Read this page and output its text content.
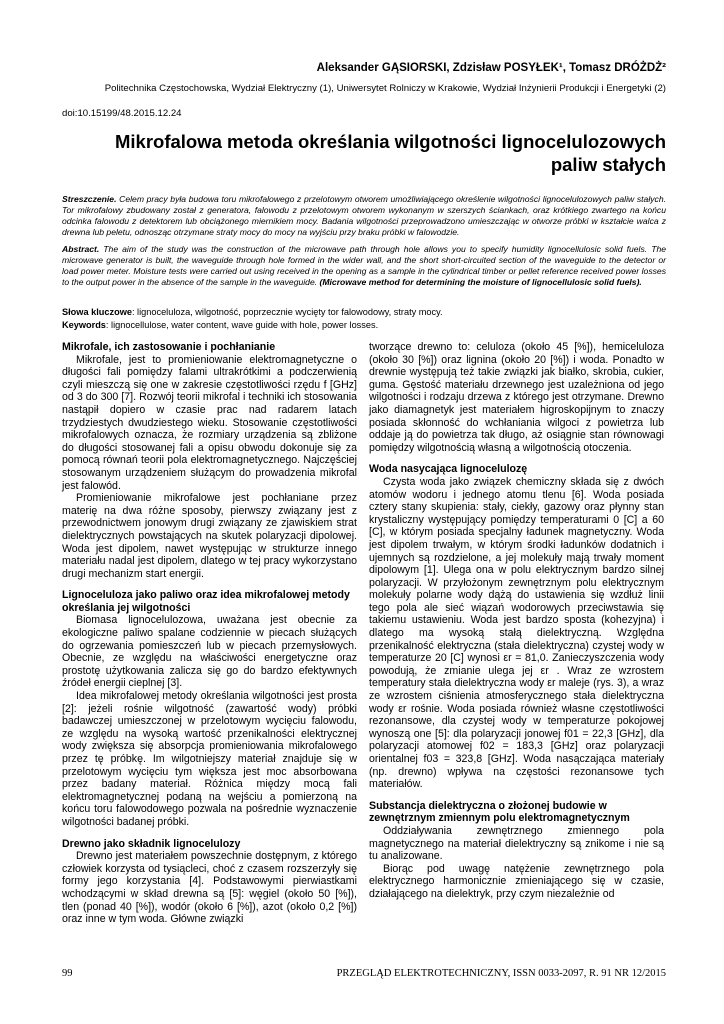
Aleksander GĄSIORSKI, Zdzisław POSYŁEK¹, Tomasz DRÓŻDŻ²
Politechnika Częstochowska, Wydział Elektryczny (1), Uniwersytet Rolniczy w Krakowie, Wydział Inżynierii Produkcji i Energetyki (2)
doi:10.15199/48.2015.12.24
Mikrofalowa metoda określania wilgotności lignocelulozowych
paliw stałych
Streszczenie. Celem pracy była budowa toru mikrofalowego z przelotowym otworem umożliwiającego określenie wilgotności lignocelulozowych paliw stałych. Tor mikrofalowy zbudowany został z generatora, falowodu z przelotowym otworem wykonanym w szerszych ściankach, oraz krótkiego zwartego na końcu odcinka falowodu z detektorem lub obciążonego miernikiem mocy. Badania wilgotności przeprowadzono umieszczając w otworze próbki w kształcie walca z drewna lub peletu, odnosząc otrzymane straty mocy do mocy na wyjściu przy braku próbki w falowodzie.
Abstract. The aim of the study was the construction of the microwave path through hole allows you to specify humidity lignocellulosic solid fuels. The microwave generator is built, the waveguide through hole formed in the wider wall, and the short short-circuited section of the waveguide to the detector or load power meter. Moisture tests were carried out using received in the opening as a sample in the cylindrical timber or pellet reference received power losses to the output power in the absence of the sample in the waveguide. (Microwave method for determining the moisture of lignocellulosic solid fuels).
Słowa kluczowe: lignoceluloza, wilgotność, poprzecznie wycięty tor falowodowy, straty mocy.
Keywords: lignocellulose, water content, wave guide with hole, power losses.
Mikrofale, ich zastosowanie i pochłanianie

Mikrofale, jest to promieniowanie elektromagnetyczne o długości fali pomiędzy falami ultrakrótkimi a podczerwienią czyli mieszczą się one w zakresie częstotliwości rzędu f [GHz] od 3 do 300 [7]. Rozwój teorii mikrofal i techniki ich stosowania nastąpił dopiero w czasie prac nad radarem latach trzydziestych dwudziestego wieku. Stosowanie częstotliwości mikrofalowych oznacza, że rozmiary urządzenia są zbliżone do długości stosowanej fali a opisu obwodu dokonuje się za pomocą równań teorii pola elektromagnetycznego. Najczęściej stosowanym urządzeniem służącym do prowadzenia mikrofal jest falowód.

Promieniowanie mikrofalowe jest pochłaniane przez materię na dwa różne sposoby, pierwszy związany jest z przewodnictwem jonowym drugi związany ze zjawiskiem strat dielektrycznych powstających na skutek polaryzacji dipolowej. Woda jest dipolem, nawet występując w strukturze innego materiału nadal jest dipolem, dlatego w tej pracy wykorzystano drugi mechanizm start energii.

Lignoceluloza jako paliwo oraz idea mikrofalowej metody określania jej wilgotności

Biomasa lignocelulozowa, uważana jest obecnie za ekologiczne paliwo spalane codziennie w piecach służących do ogrzewania pomieszczeń lub w piecach przemysłowych. Obecnie, ze względu na właściwości energetyczne oraz prostotę użytkowania zalicza się go do bardzo efektywnych źródeł energii cieplnej [3].

Idea mikrofalowej metody określania wilgotności jest prosta [2]: jeżeli rośnie wilgotność (zawartość wody) próbki badawczej umieszczonej w przelotowym wycięciu falowodu, ze względu na wysoką wartość przenikalności elektrycznej wody zwiększa się absorpcja promieniowania mikrofalowego przez tę próbkę. Im wilgotniejszy materiał znajduje się w przelotowym wycięciu tym większa jest moc absorbowana przez badany materiał. Różnica między mocą fali elektromagnetycznej podaną na wejściu a pomierzoną na końcu toru falowodowego pozwala na pośrednie wyznaczenie wilgotności badanej próbki.

Drewno jako składnik lignocelulozy

Drewno jest materiałem powszechnie dostępnym, z którego człowiek korzysta od tysiącleci, choć z czasem rozszerzyły się formy jego korzystania [4]. Podstawowymi pierwiastkami wchodzącymi w skład drewna są [5]: węgiel (około 50 [%]), tlen (ponad 40 [%]), wodór (około 6 [%]), azot (około 0,2 [%]) oraz inne w tym woda. Główne związki

tworzące drewno to: celuloza (około 45 [%]), hemiceluloza (około 30 [%]) oraz lignina (około 20 [%]) i woda. Ponadto w drewnie występują też takie związki jak białko, skrobia, cukier, guma. Gęstość materiału drzewnego jest uzależniona od jego wilgotności i rodzaju drzewa z którego jest otrzymane. Drewno jako diamagnetyk jest materiałem higroskopijnym to znaczy posiada skłonność do wchłaniania wilgoci z powietrza lub oddaje ją do powietrza tak długo, aż osiągnie stan równowagi pomiędzy wilgotnością własną a wilgotnością otoczenia.

Woda nasycająca lignocelulozę

Czysta woda jako związek chemiczny składa się z dwóch atomów wodoru i jednego atomu tlenu [6]. Woda posiada cztery stany skupienia: stały, ciekły, gazowy oraz płynny stan krystaliczny występujący pomiędzy temperaturami 0 [C] a 60 [C], w którym posiada specjalny ładunek magnetyczny. Woda jest dipolem trwałym, w którym środki ładunków dodatnich i ujemnych są rozdzielone, a jej molekuły mają trwały moment dipolowym [1]. Ulega ona w polu elektrycznym bardzo silnej polaryzacji. W przyłożonym zewnętrznym polu elektrycznym molekuły polarne wody dążą do ustawienia się wzdłuż linii tego pola ale sieć wiązań wodorowych przeciwstawia się takiemu ustawieniu. Woda jest bardzo sposta (kohezyjna) i dlatego ma wysoką stałą dielektryczną. Względna przenikalność elektryczna (stała dielektryczna) czystej wody w temperaturze 20 [C] wynosi εr = 81,0. Zanieczyszczenia wody powodują, że zmianie ulega jej εr . Wraz ze wzrostem temperatury stała dielektryczna wody εr maleje (rys. 3), a wraz ze wzrostem ciśnienia atmosferycznego stała dielektryczna wody εr rośnie. Woda posiada również własne częstotliwości rezonansowe, dla czystej wody w temperaturze pokojowej wynoszą one [5]: dla polaryzacji jonowej f01 = 22,3 [GHz], dla polaryzacji atomowej f02 = 183,3 [GHz] oraz polaryzacji orientalnej f03 = 323,8 [GHz]. Woda nasączająca materiały (np. drewno) wpływa na częstości rezonansowe tych materiałów.

Substancja dielektryczna o złożonej budowie w zewnętrznym zmiennym polu elektromagnetycznym

Oddziaływania zewnętrznego zmiennego pola magnetycznego na materiał dielektryczny są znikome i nie są tu analizowane.

Biorąc pod uwagę natężenie zewnętrznego pola elektrycznego harmonicznie zmieniającego się w czasie, działającego na dielektryk, przy czym niezależnie od

99	PRZEGLĄD ELEKTROTECHNICZNY, ISSN 0033-2097, R. 91 NR 12/2015
